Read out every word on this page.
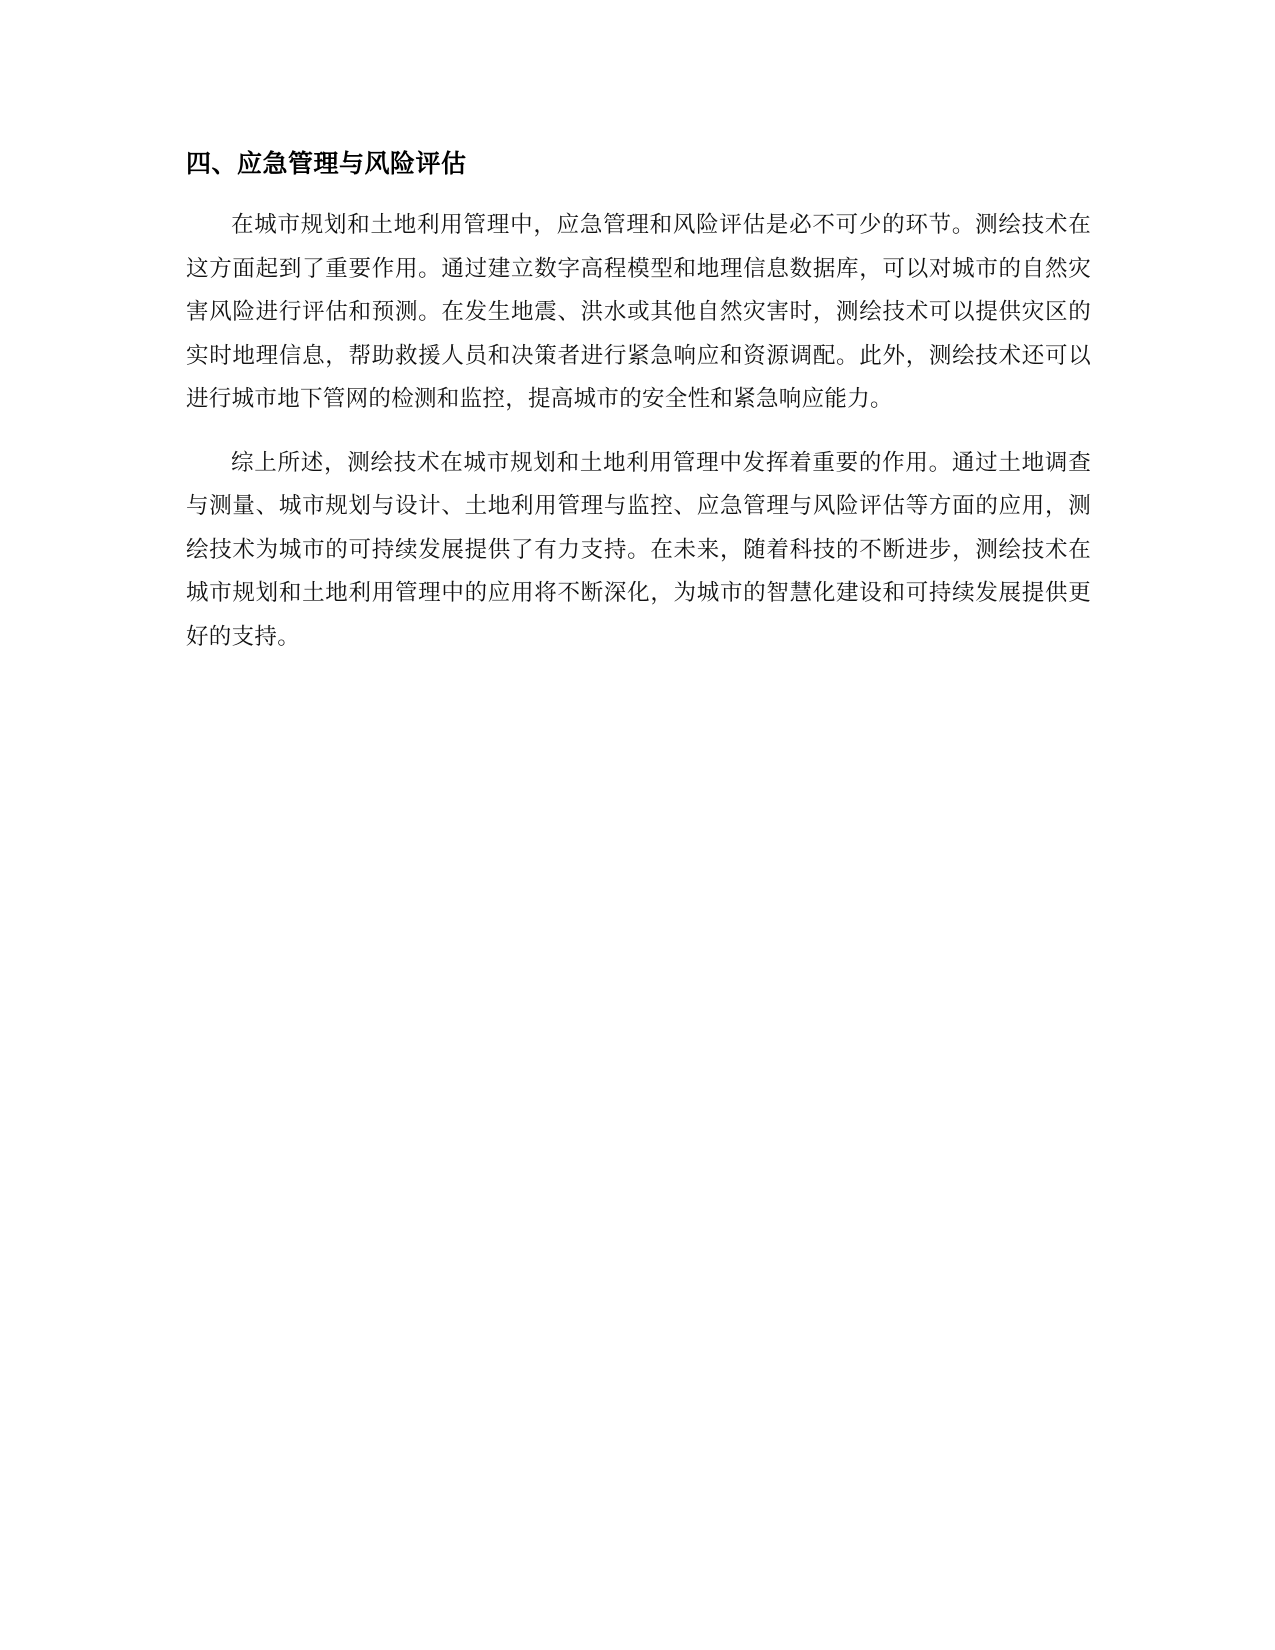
四、应急管理与风险评估

在城市规划和土地利用管理中，应急管理和风险评估是必不可少的环节。测绘技术在这方面起到了重要作用。通过建立数字高程模型和地理信息数据库，可以对城市的自然灾害风险进行评估和预测。在发生地震、洪水或其他自然灾害时，测绘技术可以提供灾区的实时地理信息，帮助救援人员和决策者进行紧急响应和资源调配。此外，测绘技术还可以进行城市地下管网的检测和监控，提高城市的安全性和紧急响应能力。

综上所述，测绘技术在城市规划和土地利用管理中发挥着重要的作用。通过土地调查与测量、城市规划与设计、土地利用管理与监控、应急管理与风险评估等方面的应用，测绘技术为城市的可持续发展提供了有力支持。在未来，随着科技的不断进步，测绘技术在城市规划和土地利用管理中的应用将不断深化，为城市的智慧化建设和可持续发展提供更好的支持。
